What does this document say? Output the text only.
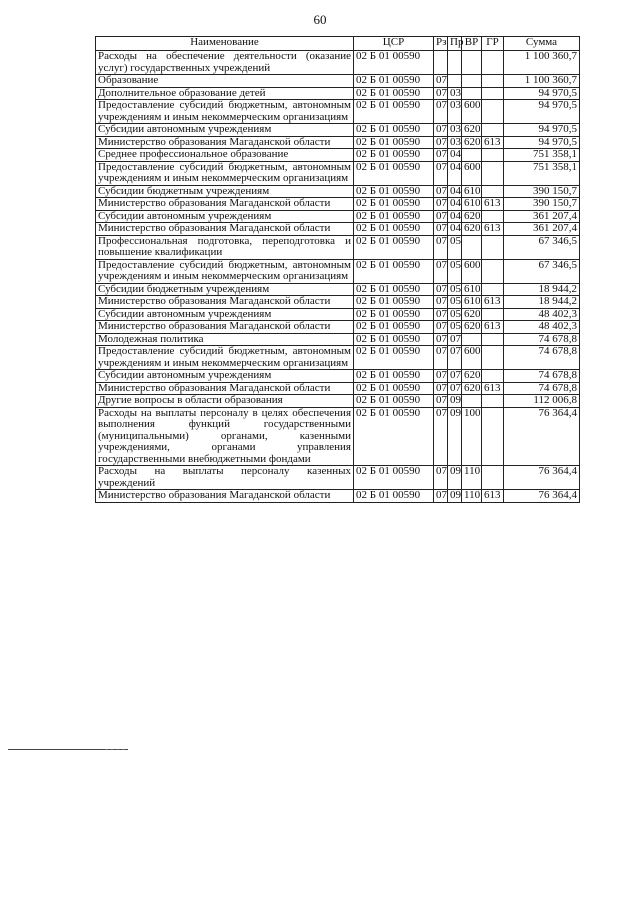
60
Наименование	ЦСР	Рз	Пр	ВР	ГР	Сумма
Расходы на обеспечение деятельности (оказание услуг) государственных учреждений	02 Б 01 00590					1 100 360,7
Образование	02 Б 01 00590	07				1 100 360,7
Дополнительное образование детей	02 Б 01 00590	07	03			94 970,5
Предоставление субсидий бюджетным, автономным учреждениям и иным некоммерческим организациям	02 Б 01 00590	07	03	600		94 970,5
Субсидии автономным учреждениям	02 Б 01 00590	07	03	620		94 970,5
Министерство образования Магаданской области	02 Б 01 00590	07	03	620	613	94 970,5
Среднее профессиональное образование	02 Б 01 00590	07	04			751 358,1
Предоставление субсидий бюджетным, автономным учреждениям и иным некоммерческим организациям	02 Б 01 00590	07	04	600		751 358,1
Субсидии бюджетным учреждениям	02 Б 01 00590	07	04	610		390 150,7
Министерство образования Магаданской области	02 Б 01 00590	07	04	610	613	390 150,7
Субсидии автономным учреждениям	02 Б 01 00590	07	04	620		361 207,4
Министерство образования Магаданской области	02 Б 01 00590	07	04	620	613	361 207,4
Профессиональная подготовка, переподготовка и повышение квалификации	02 Б 01 00590	07	05			67 346,5
Предоставление субсидий бюджетным, автономным учреждениям и иным некоммерческим организациям	02 Б 01 00590	07	05	600		67 346,5
Субсидии бюджетным учреждениям	02 Б 01 00590	07	05	610		18 944,2
Министерство образования Магаданской области	02 Б 01 00590	07	05	610	613	18 944,2
Субсидии автономным учреждениям	02 Б 01 00590	07	05	620		48 402,3
Министерство образования Магаданской области	02 Б 01 00590	07	05	620	613	48 402,3
Молодежная политика	02 Б 01 00590	07	07			74 678,8
Предоставление субсидий бюджетным, автономным учреждениям и иным некоммерческим организациям	02 Б 01 00590	07	07	600		74 678,8
Субсидии автономным учреждениям	02 Б 01 00590	07	07	620		74 678,8
Министерство образования Магаданской области	02 Б 01 00590	07	07	620	613	74 678,8
Другие вопросы в области образования	02 Б 01 00590	07	09			112 006,8
Расходы на выплаты персоналу в целях обеспечения выполнения функций государственными (муниципальными) органами, казенными учреждениями, органами управления государственными внебюджетными фондами	02 Б 01 00590	07	09	100		76 364,4
Расходы на выплаты персоналу казенных учреждений	02 Б 01 00590	07	09	110		76 364,4
Министерство образования Магаданской области	02 Б 01 00590	07	09	110	613	76 364,4
